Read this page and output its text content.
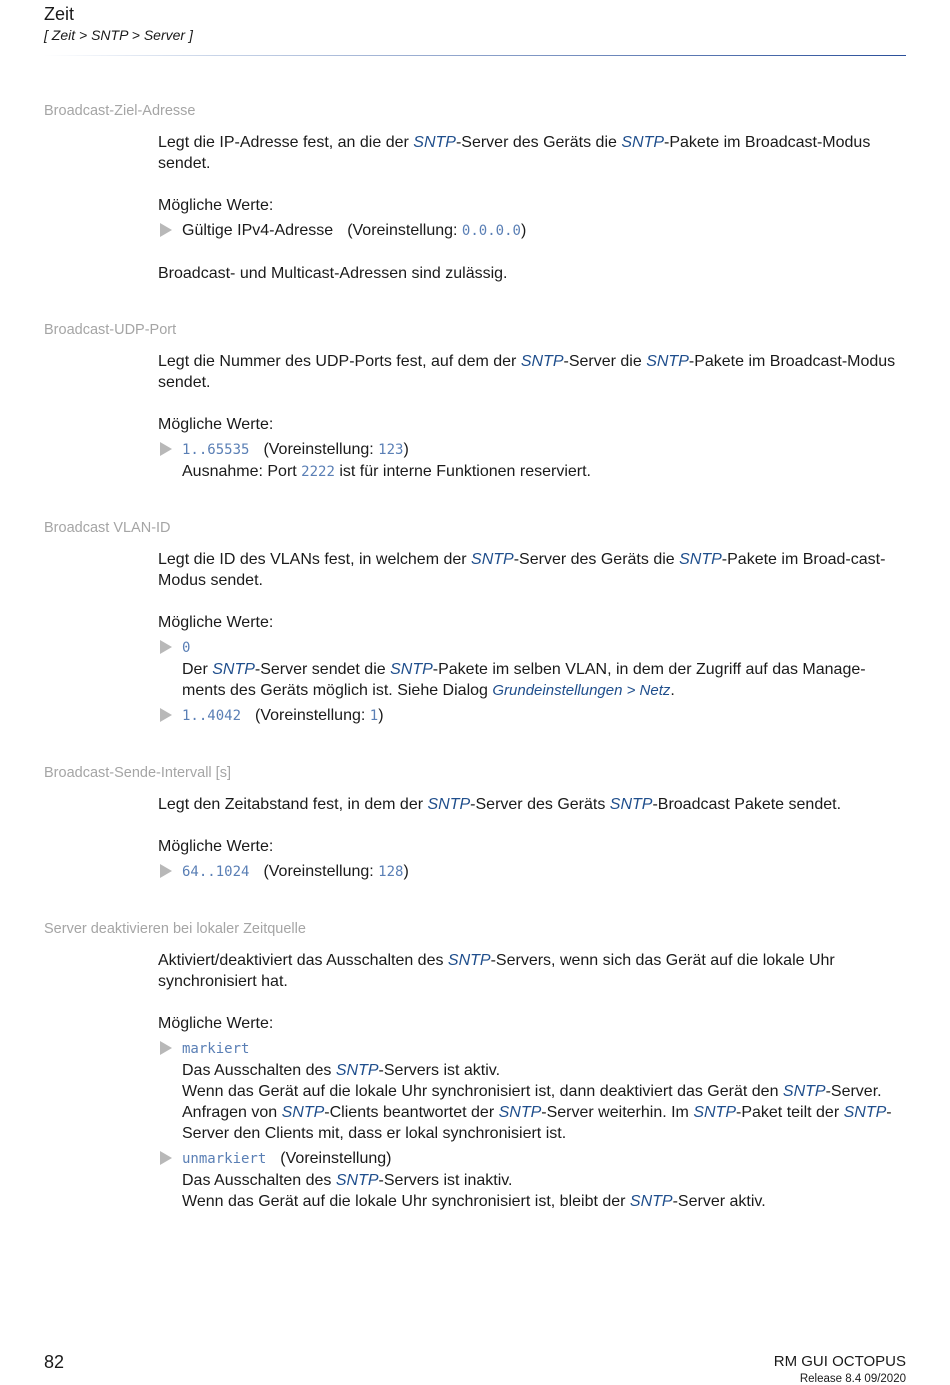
Zeit
[ Zeit > SNTP > Server ]
Broadcast-Ziel-Adresse

Legt die IP-Adresse fest, an die der SNTP-Server des Geräts die SNTP-Pakete im Broadcast-Modus sendet.

Mögliche Werte:

Gültige IPv4-Adresse (Voreinstellung: 0.0.0.0)

Broadcast- und Multicast-Adressen sind zulässig.

Broadcast-UDP-Port

Legt die Nummer des UDP-Ports fest, auf dem der SNTP-Server die SNTP-Pakete im Broadcast-Modus sendet.

Mögliche Werte:

1..65535 (Voreinstellung: 123)
Ausnahme: Port 2222 ist für interne Funktionen reserviert.
Broadcast VLAN-ID

Legt die ID des VLANs fest, in welchem der SNTP-Server des Geräts die SNTP-Pakete im Broad-cast-Modus sendet.

Mögliche Werte:

0
Der SNTP-Server sendet die SNTP-Pakete im selben VLAN, in dem der Zugriff auf das Manage-ments des Geräts möglich ist. Siehe Dialog Grundeinstellungen > Netz.
1..4042 (Voreinstellung: 1)
Broadcast-Sende-Intervall [s]

Legt den Zeitabstand fest, in dem der SNTP-Server des Geräts SNTP-Broadcast Pakete sendet.

Mögliche Werte:

64..1024 (Voreinstellung: 128)
Server deaktivieren bei lokaler Zeitquelle

Aktiviert/deaktiviert das Ausschalten des SNTP-Servers, wenn sich das Gerät auf die lokale Uhr synchronisiert hat.

Mögliche Werte:

markiert
Das Ausschalten des SNTP-Servers ist aktiv.
Wenn das Gerät auf die lokale Uhr synchronisiert ist, dann deaktiviert das Gerät den SNTP-Server. Anfragen von SNTP-Clients beantwortet der SNTP-Server weiterhin. Im SNTP-Paket teilt der SNTP-Server den Clients mit, dass er lokal synchronisiert ist.
unmarkiert (Voreinstellung)
Das Ausschalten des SNTP-Servers ist inaktiv.
Wenn das Gerät auf die lokale Uhr synchronisiert ist, bleibt der SNTP-Server aktiv.
82	RM GUI OCTOPUS
Release 8.4 09/2020
